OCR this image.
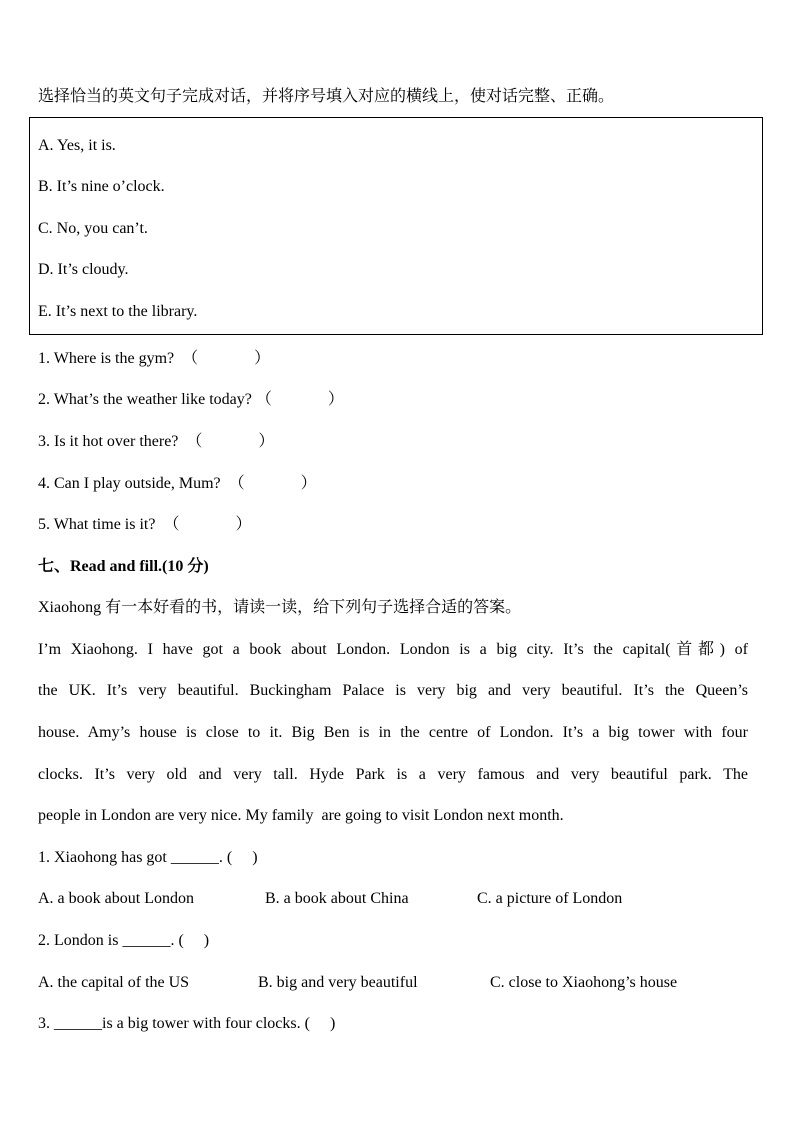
选择恰当的英文句子完成对话，并将序号填入对应的横线上，使对话完整、正确。
A. Yes, it is.
B. It’s nine o’clock.
C. No, you can’t.
D. It’s cloudy.
E. It’s next to the library.
1. Where is the gym?  （              ）
2. What’s the weather like today? （              ）
3. Is it hot over there?  （              ）
4. Can I play outside, Mum?  （              ）
5. What time is it?  （              ）
七、Read and fill.(10 分)
Xiaohong 有一本好看的书，请读一读，给下列句子选择合适的答案。
I’m Xiaohong. I have got a book about London. London is a big city. It’s the capital(首都) of
the UK. It’s very beautiful. Buckingham Palace is very big and very beautiful. It’s the Queen’s
house. Amy’s house is close to it. Big Ben is in the centre of London. It’s a big tower with four
clocks. It’s very old and very tall. Hyde Park is a very famous and very beautiful park. The
people in London are very nice. My family  are going to visit London next month.
1. Xiaohong has got ______. (     )

A. a book about London

	B. a book about China

	C. a picture of London

2. London is ______. (     )

A. the capital of the US

	B. big and very beautiful

	C. close to Xiaohong’s house

3. ______is a big tower with four clocks. (     )
